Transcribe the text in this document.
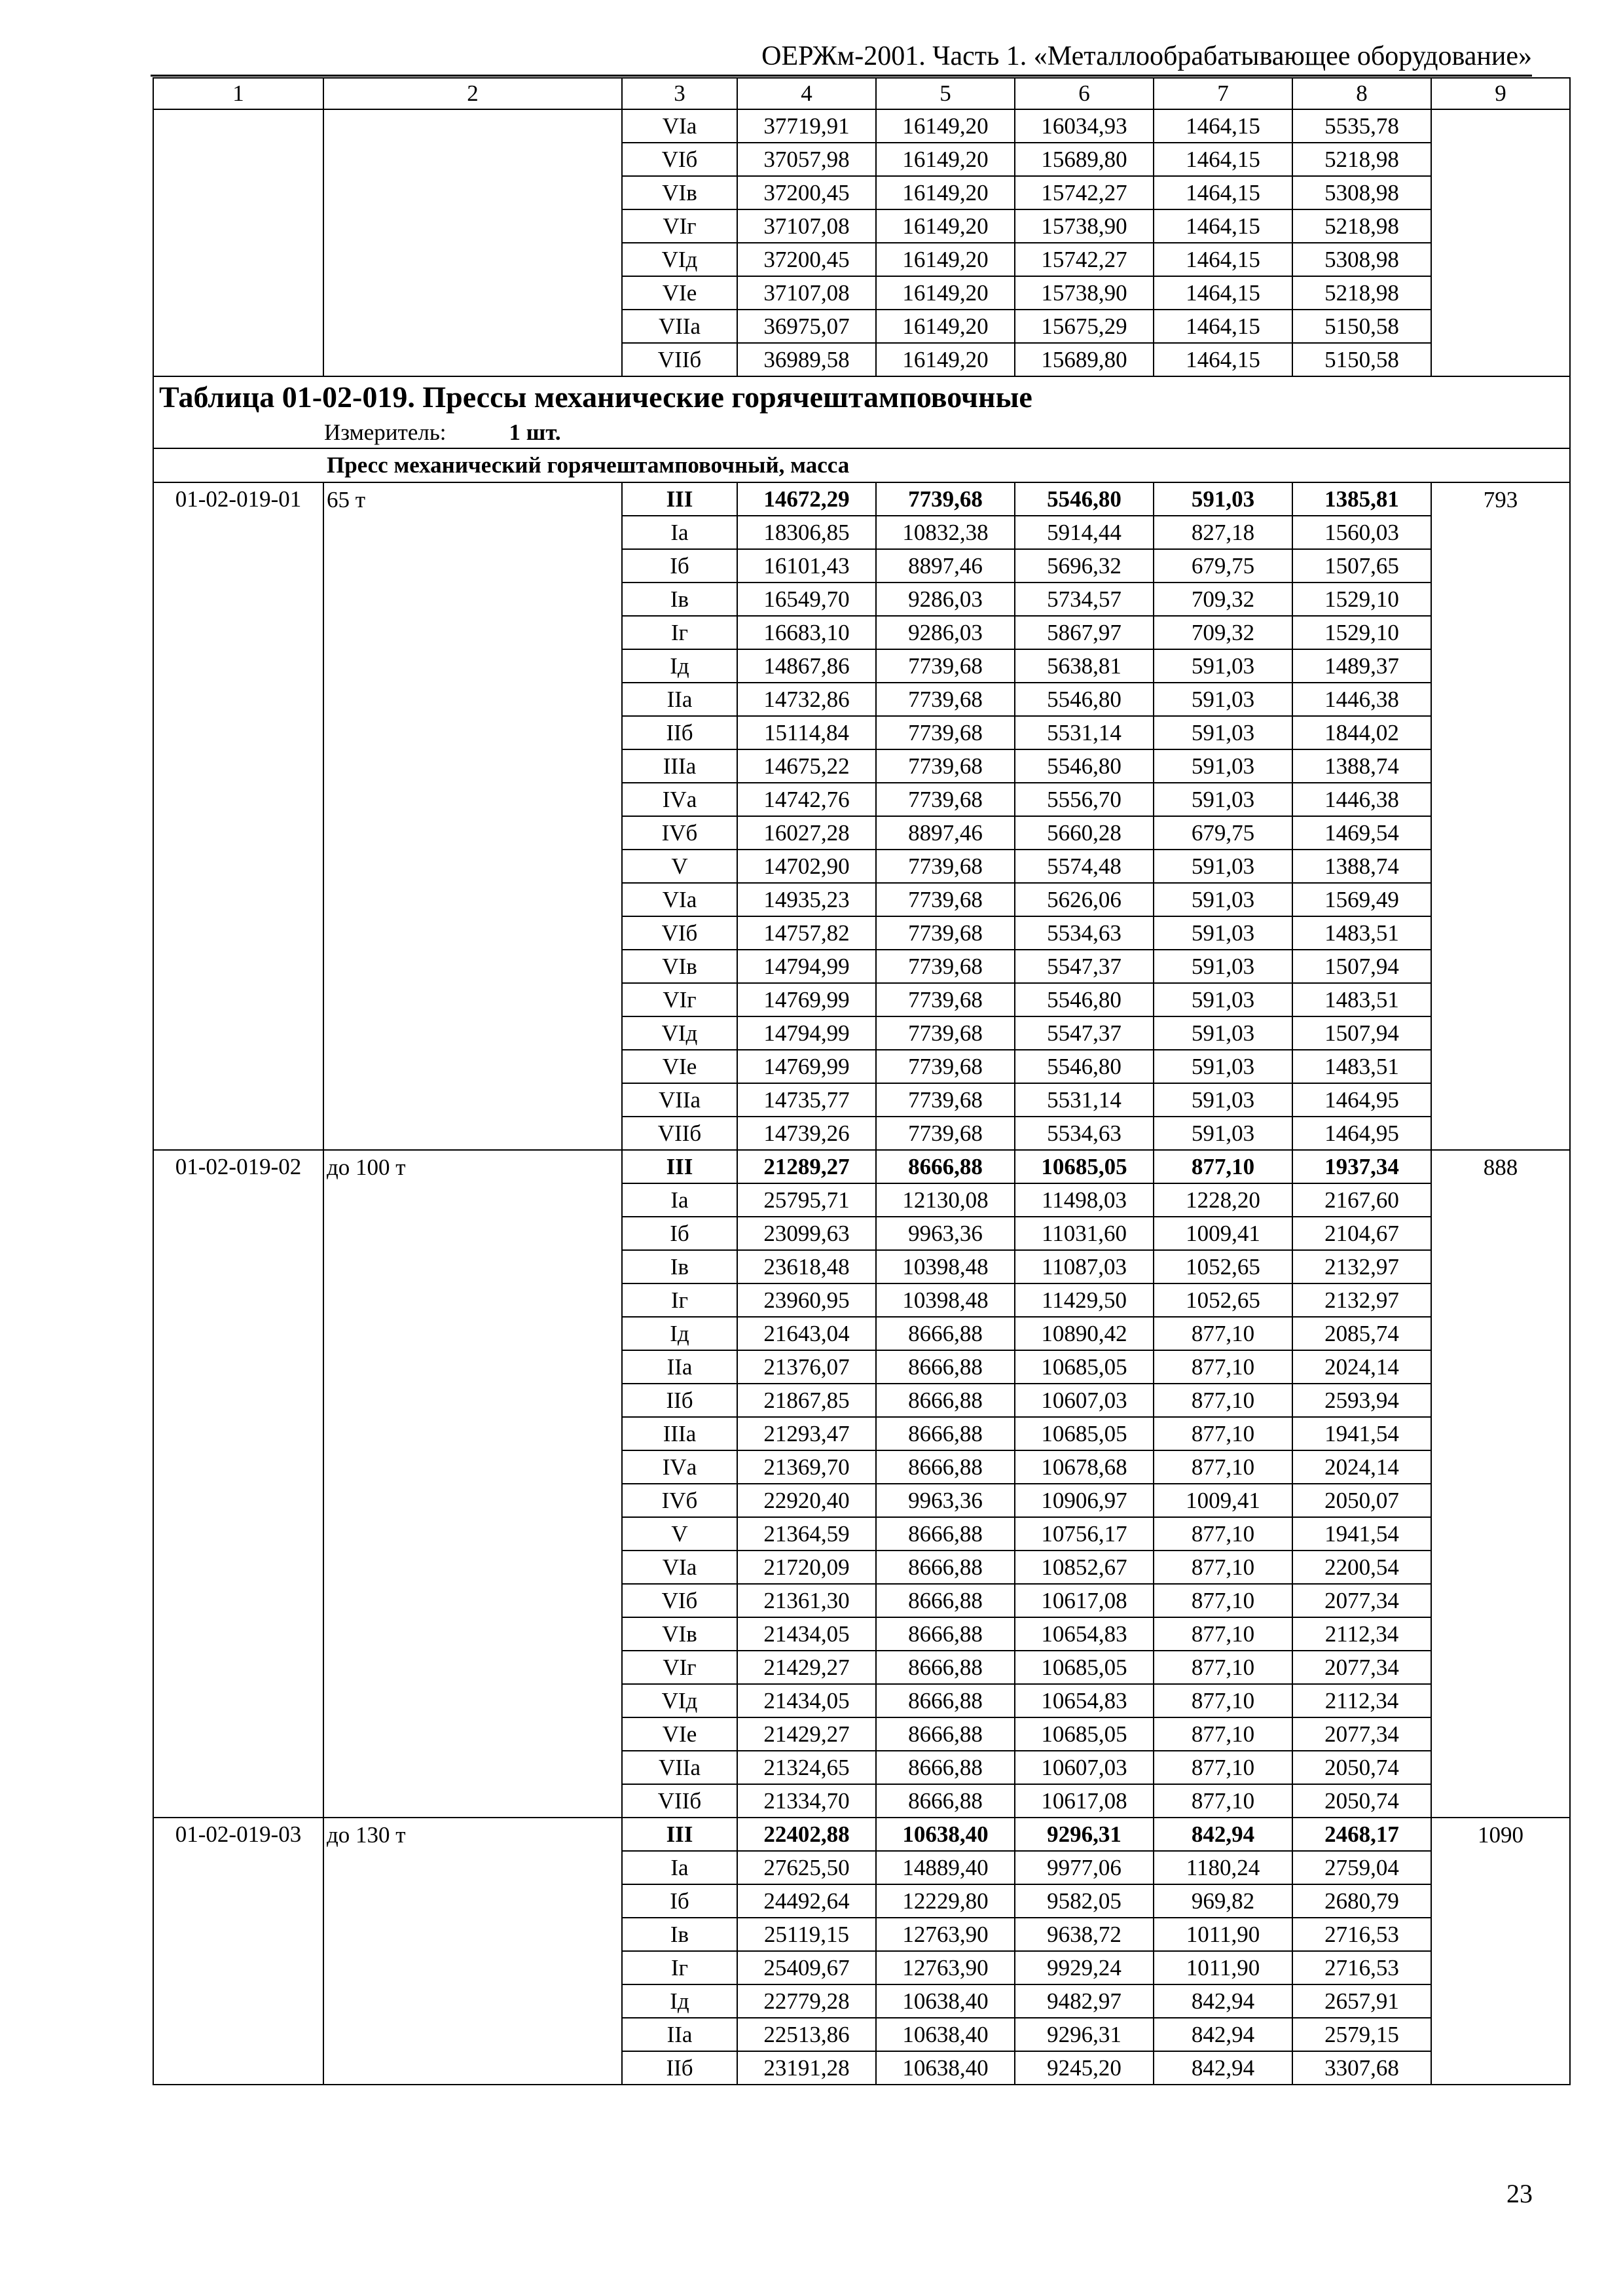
ОЕРЖм-2001. Часть 1. «Металлообрабатывающее оборудование»
1	2	3	4	5	6	7	8	9
		VIа	37719,91	16149,20	16034,93	1464,15	5535,78	
		VIб	37057,98	16149,20	15689,80	1464,15	5218,98	
		VIв	37200,45	16149,20	15742,27	1464,15	5308,98	
		VIг	37107,08	16149,20	15738,90	1464,15	5218,98	
		VIд	37200,45	16149,20	15742,27	1464,15	5308,98	
		VIе	37107,08	16149,20	15738,90	1464,15	5218,98	
		VIIа	36975,07	16149,20	15675,29	1464,15	5150,58	
		VIIб	36989,58	16149,20	15689,80	1464,15	5150,58	
Таблица 01-02-019. Прессы механические горячештамповочные								
Измеритель: 1 шт.								
Пресс механический горячештамповочный, масса								
01-02-019-01	65 т	III	14672,29	7739,68	5546,80	591,03	1385,81	793
		Iа	18306,85	10832,38	5914,44	827,18	1560,03	
		Iб	16101,43	8897,46	5696,32	679,75	1507,65	
		Iв	16549,70	9286,03	5734,57	709,32	1529,10	
		Iг	16683,10	9286,03	5867,97	709,32	1529,10	
		Iд	14867,86	7739,68	5638,81	591,03	1489,37	
		IIа	14732,86	7739,68	5546,80	591,03	1446,38	
		IIб	15114,84	7739,68	5531,14	591,03	1844,02	
		IIIа	14675,22	7739,68	5546,80	591,03	1388,74	
		IVа	14742,76	7739,68	5556,70	591,03	1446,38	
		IVб	16027,28	8897,46	5660,28	679,75	1469,54	
		V	14702,90	7739,68	5574,48	591,03	1388,74	
		VIа	14935,23	7739,68	5626,06	591,03	1569,49	
		VIб	14757,82	7739,68	5534,63	591,03	1483,51	
		VIв	14794,99	7739,68	5547,37	591,03	1507,94	
		VIг	14769,99	7739,68	5546,80	591,03	1483,51	
		VIд	14794,99	7739,68	5547,37	591,03	1507,94	
		VIе	14769,99	7739,68	5546,80	591,03	1483,51	
		VIIа	14735,77	7739,68	5531,14	591,03	1464,95	
		VIIб	14739,26	7739,68	5534,63	591,03	1464,95	
01-02-019-02	до 100 т	III	21289,27	8666,88	10685,05	877,10	1937,34	888
		Iа	25795,71	12130,08	11498,03	1228,20	2167,60	
		Iб	23099,63	9963,36	11031,60	1009,41	2104,67	
		Iв	23618,48	10398,48	11087,03	1052,65	2132,97	
		Iг	23960,95	10398,48	11429,50	1052,65	2132,97	
		Iд	21643,04	8666,88	10890,42	877,10	2085,74	
		IIа	21376,07	8666,88	10685,05	877,10	2024,14	
		IIб	21867,85	8666,88	10607,03	877,10	2593,94	
		IIIа	21293,47	8666,88	10685,05	877,10	1941,54	
		IVа	21369,70	8666,88	10678,68	877,10	2024,14	
		IVб	22920,40	9963,36	10906,97	1009,41	2050,07	
		V	21364,59	8666,88	10756,17	877,10	1941,54	
		VIа	21720,09	8666,88	10852,67	877,10	2200,54	
		VIб	21361,30	8666,88	10617,08	877,10	2077,34	
		VIв	21434,05	8666,88	10654,83	877,10	2112,34	
		VIг	21429,27	8666,88	10685,05	877,10	2077,34	
		VIд	21434,05	8666,88	10654,83	877,10	2112,34	
		VIе	21429,27	8666,88	10685,05	877,10	2077,34	
		VIIа	21324,65	8666,88	10607,03	877,10	2050,74	
		VIIб	21334,70	8666,88	10617,08	877,10	2050,74	
01-02-019-03	до 130 т	III	22402,88	10638,40	9296,31	842,94	2468,17	1090
		Iа	27625,50	14889,40	9977,06	1180,24	2759,04	
		Iб	24492,64	12229,80	9582,05	969,82	2680,79	
		Iв	25119,15	12763,90	9638,72	1011,90	2716,53	
		Iг	25409,67	12763,90	9929,24	1011,90	2716,53	
		Iд	22779,28	10638,40	9482,97	842,94	2657,91	
		IIа	22513,86	10638,40	9296,31	842,94	2579,15	
		IIб	23191,28	10638,40	9245,20	842,94	3307,68	
23
